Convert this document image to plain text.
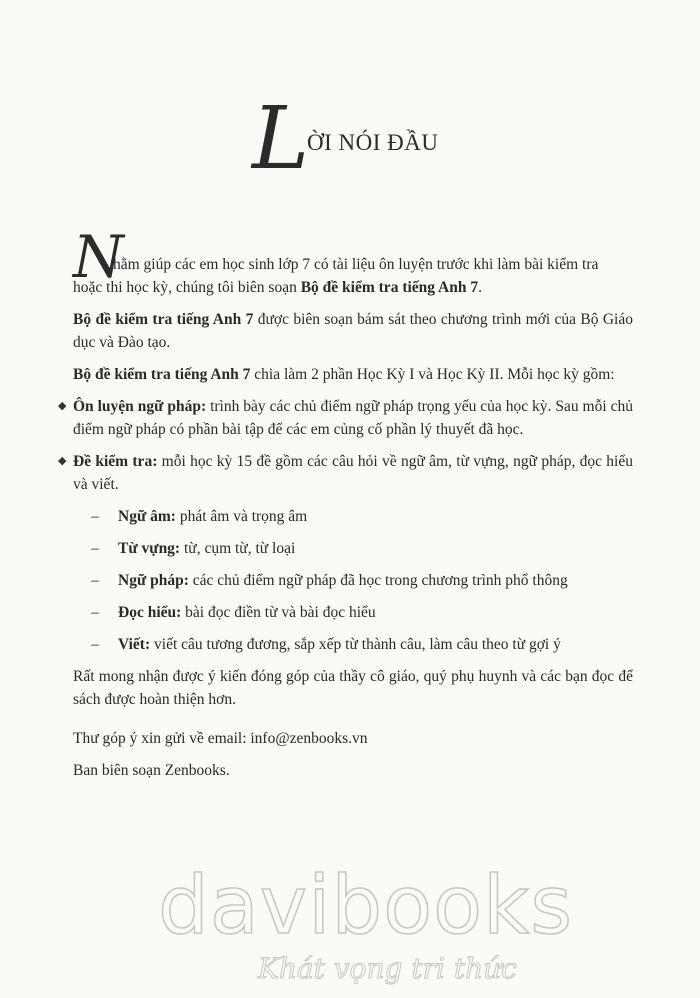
L
ỜI NÓI ĐẦU

N
hằm giúp các em học sinh lớp 7 có tài liệu ôn luyện trước khi làm bài kiểm tra
hoặc thi học kỳ, chúng tôi biên soạn Bộ đề kiểm tra tiếng Anh 7.

Bộ đề kiểm tra tiếng Anh 7 được biên soạn bám sát theo chương trình mới của Bộ Giáo dục và Đào tạo.

Bộ đề kiểm tra tiếng Anh 7 chia làm 2 phần Học Kỳ I và Học Kỳ II. Mỗi học kỳ gồm:

◆ Ôn luyện ngữ pháp: trình bày các chủ điểm ngữ pháp trọng yếu của học kỳ. Sau mỗi chủ điểm ngữ pháp có phần bài tập để các em củng cố phần lý thuyết đã học.

◆ Đề kiểm tra: mỗi học kỳ 15 đề gồm các câu hỏi về ngữ âm, từ vựng, ngữ pháp, đọc hiểu và viết.

– Ngữ âm: phát âm và trọng âm

– Từ vựng: từ, cụm từ, từ loại

– Ngữ pháp: các chủ điểm ngữ pháp đã học trong chương trình phổ thông

– Đọc hiểu: bài đọc điền từ và bài đọc hiểu

– Viết: viết câu tương đương, sắp xếp từ thành câu, làm câu theo từ gợi ý

Rất mong nhận được ý kiến đóng góp của thầy cô giáo, quý phụ huynh và các bạn đọc để sách được hoàn thiện hơn.

Thư góp ý xin gửi về email: info@zenbooks.vn

Ban biên soạn Zenbooks.

davibooks
Khát vọng tri thức
